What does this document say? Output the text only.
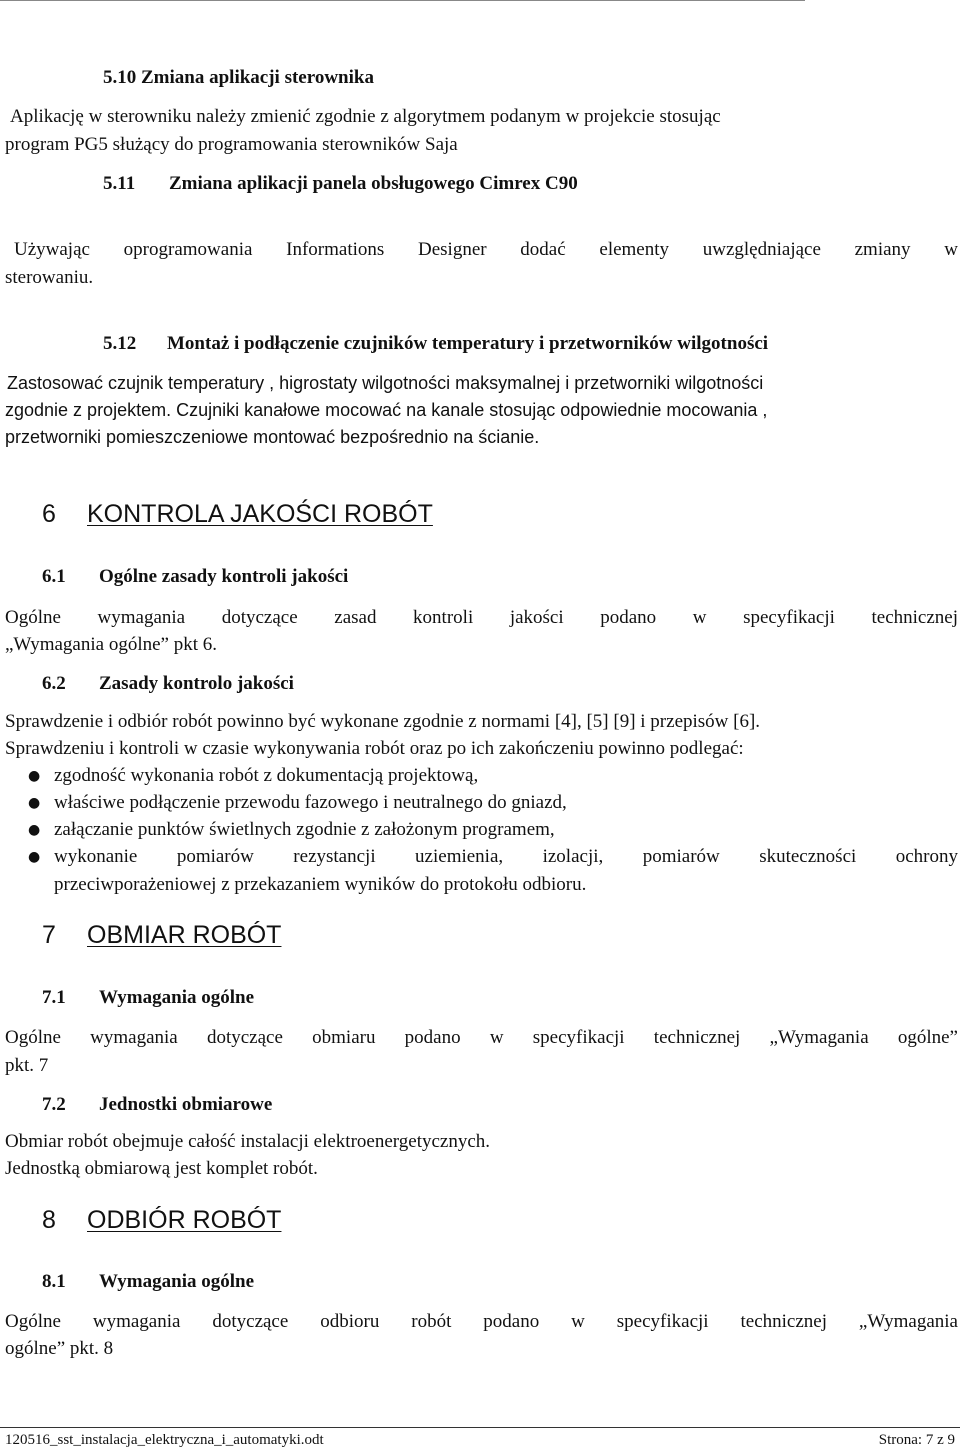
5.10 Zmiana aplikacji sterownika
Aplikację w sterowniku należy zmienić zgodnie z algorytmem podanym w projekcie stosując
program PG5 służący do programowania sterowników Saja
5.11 Zmiana aplikacji panela obsługowego Cimrex C90
Używając oprogramowania Informations Designer dodać elementy uwzględniające zmiany w
sterowaniu.
5.12 Montaż i podłączenie czujników temperatury i przetworników wilgotności
Zastosować czujnik temperatury , higrostaty wilgotności maksymalnej i przetworniki wilgotności
zgodnie z projektem. Czujniki kanałowe mocować na kanale stosując odpowiednie mocowania ,
przetworniki pomieszczeniowe montować bezpośrednio na ścianie.
6 KONTROLA JAKOŚCI ROBÓT
6.1 Ogólne zasady kontroli jakości
Ogólne wymagania dotyczące zasad kontroli jakości podano w specyfikacji technicznej
„Wymagania ogólne” pkt 6.
6.2 Zasady kontrolo jakości
Sprawdzenie i odbiór robót powinno być wykonane zgodnie z normami [4], [5] [9] i przepisów [6].
Sprawdzeniu i kontroli w czasie wykonywania robót oraz po ich zakończeniu powinno podlegać:
● zgodność wykonania robót z dokumentacją projektową,
● właściwe podłączenie przewodu fazowego i neutralnego do gniazd,
● załączanie punktów świetlnych zgodnie z założonym programem,
● wykonanie pomiarów rezystancji uziemienia, izolacji, pomiarów skuteczności ochrony
przeciwporażeniowej z przekazaniem wyników do protokołu odbioru.
7 OBMIAR ROBÓT
7.1 Wymagania ogólne
Ogólne wymagania dotyczące obmiaru podano w specyfikacji technicznej „Wymagania ogólne”
pkt. 7
7.2 Jednostki obmiarowe
Obmiar robót obejmuje całość instalacji elektroenergetycznych.
Jednostką obmiarową jest komplet robót.
8 ODBIÓR ROBÓT
8.1 Wymagania ogólne
Ogólne wymagania dotyczące odbioru robót podano w specyfikacji technicznej „Wymagania
ogólne” pkt. 8
120516_sst_instalacja_elektryczna_i_automatyki.odt	Strona: 7 z 9
